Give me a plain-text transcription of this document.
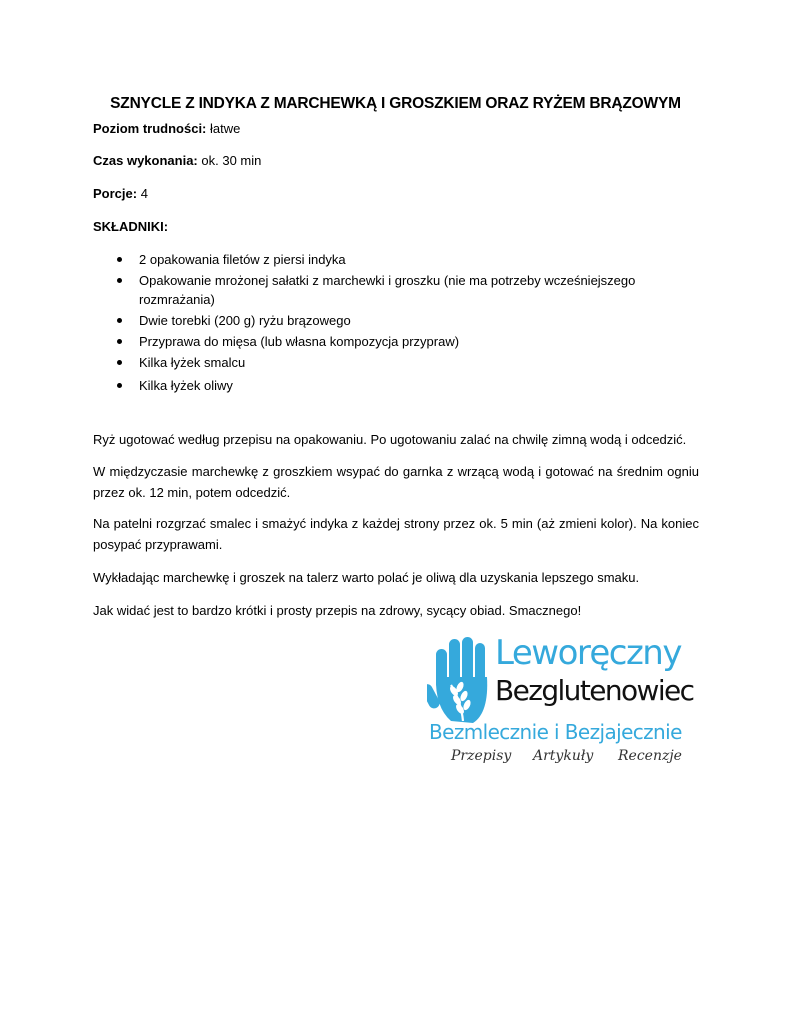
SZNYCLE Z INDYKA Z MARCHEWKĄ I GROSZKIEM ORAZ RYŻEM BRĄZOWYM

Poziom trudności: łatwe

Czas wykonania: ok. 30 min

Porcje: 4

SKŁADNIKI:

2 opakowania filetów z piersi indyka
Opakowanie mrożonej sałatki z marchewki i groszku (nie ma potrzeby wcześniejszego rozmrażania)
Dwie torebki (200 g) ryżu brązowego
Przyprawa do mięsa (lub własna kompozycja przypraw)
Kilka łyżek smalcu
Kilka łyżek oliwy

Ryż ugotować według przepisu na opakowaniu. Po ugotowaniu zalać na chwilę zimną wodą i odcedzić.

W międzyczasie marchewkę z groszkiem wsypać do garnka z wrzącą wodą i gotować na średnim ogniu przez ok. 12 min, potem odcedzić.

Na patelni rozgrzać smalec i smażyć indyka z każdej strony przez ok. 5 min (aż zmieni kolor). Na koniec posypać przyprawami.

Wykładając marchewkę i groszek na talerz warto polać je oliwą dla uzyskania lepszego smaku.

Jak widać jest to bardzo krótki i prosty przepis na zdrowy, sycący obiad. Smacznego!

Leworęczny
Bezglutenowiec
Bezmlecznie i Bezjajecznie
Przepisy Artykuły Recenzje
